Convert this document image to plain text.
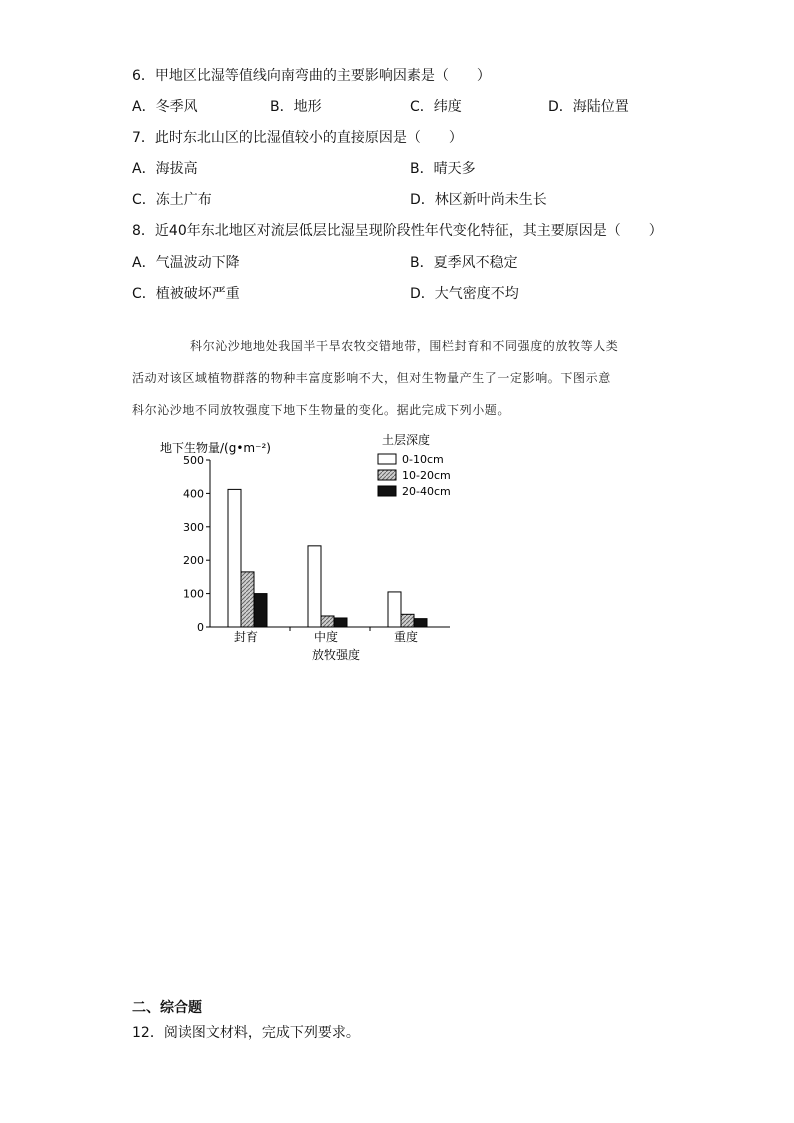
6．甲地区比湿等值线向南弯曲的主要影响因素是（　　）
A．冬季风	B．地形	C．纬度	D．海陆位置
7．此时东北山区的比湿值较小的直接原因是（　　）
A．海拔高	B．晴天多
C．冻土广布	D．林区新叶尚未生长
8．近40年东北地区对流层低层比湿呈现阶段性年代变化特征，其主要原因是（　　）
A．气温波动下降	B．夏季风不稳定
C．植被破坏严重	D．大气密度不均
科尔沁沙地地处我国半干旱农牧交错地带，围栏封育和不同强度的放牧等人类
活动对该区域植物群落的物种丰富度影响不大，但对生物量产生了一定影响。下图示意
科尔沁沙地不同放牧强度下地下生物量的变化。据此完成下列小题。
地下生物量/(g•m⁻²)
土层深度
0-10cm
10-20cm
20-40cm
500
400
300
200
100
0
封育	中度	重度
放牧强度
二、综合题
12．阅读图文材料，完成下列要求。
